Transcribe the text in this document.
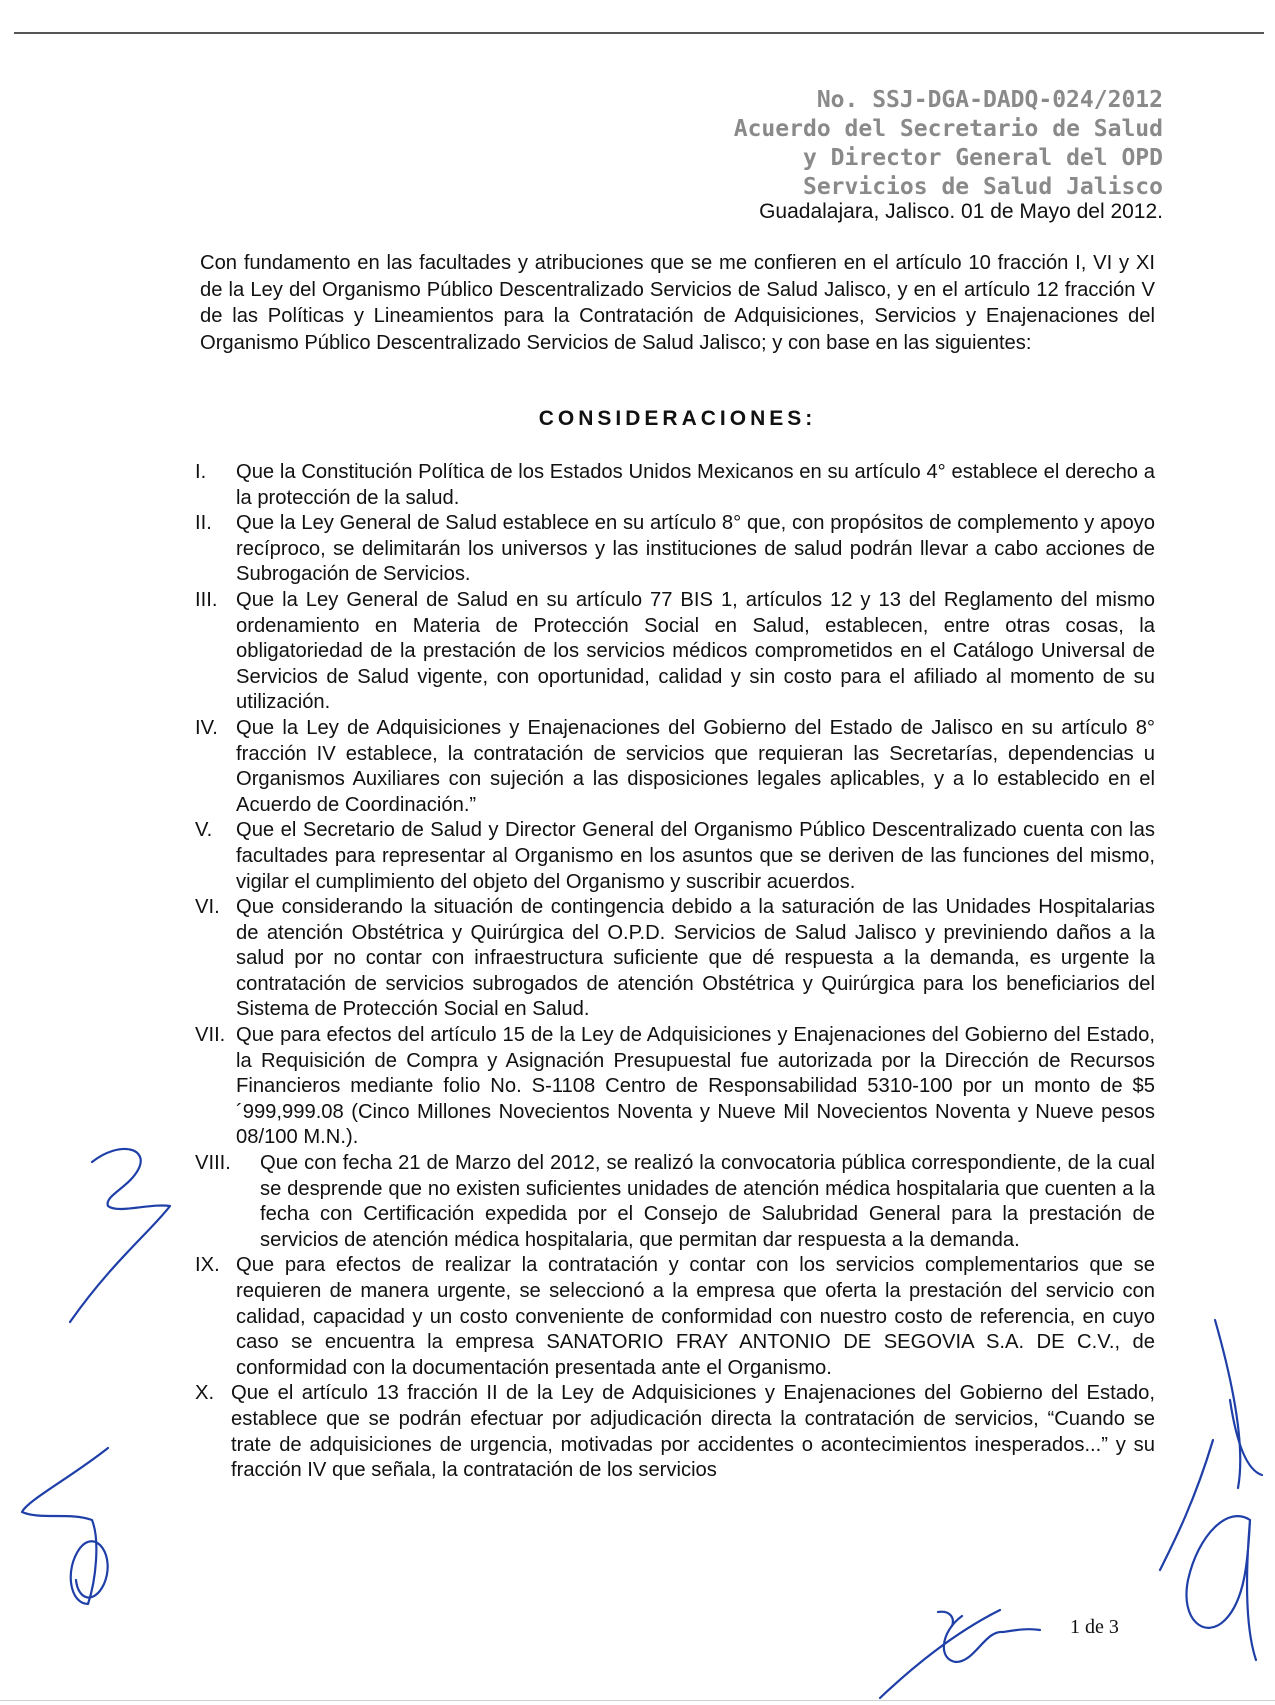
No. SSJ-DGA-DADQ-024/2012
Acuerdo del Secretario de Salud
y Director General del OPD
Servicios de Salud Jalisco
Guadalajara, Jalisco. 01 de Mayo del 2012.

Con fundamento en las facultades y atribuciones que se me confieren en el artículo 10 fracción I, VI y XI de la Ley del Organismo Público Descentralizado Servicios de Salud Jalisco, y en el artículo 12 fracción V de las Políticas y Lineamientos para la Contratación de Adquisiciones, Servicios y Enajenaciones del Organismo Público Descentralizado Servicios de Salud Jalisco; y con base en las siguientes:

CONSIDERACIONES:

I.	Que la Constitución Política de los Estados Unidos Mexicanos en su artículo 4° establece el derecho a la protección de la salud.
II.	Que la Ley General de Salud establece en su artículo 8° que, con propósitos de complemento y apoyo recíproco, se delimitarán los universos y las instituciones de salud podrán llevar a cabo acciones de Subrogación de Servicios.
III. Que la Ley General de Salud en su artículo 77 BIS 1, artículos 12 y 13 del Reglamento del mismo ordenamiento en Materia de Protección Social en Salud, establecen, entre otras cosas, la obligatoriedad de la prestación de los servicios médicos comprometidos en el Catálogo Universal de Servicios de Salud vigente, con oportunidad, calidad y sin costo para el afiliado al momento de su utilización.
IV. Que la Ley de Adquisiciones y Enajenaciones del Gobierno del Estado de Jalisco en su artículo 8° fracción IV establece, la contratación de servicios que requieran las Secretarías, dependencias u Organismos Auxiliares con sujeción a las disposiciones legales aplicables, y a lo establecido en el Acuerdo de Coordinación.”
V.	Que el Secretario de Salud y Director General del Organismo Público Descentralizado cuenta con las facultades para representar al Organismo en los asuntos que se deriven de las funciones del mismo, vigilar el cumplimiento del objeto del Organismo y suscribir acuerdos.
VI. Que considerando la situación de contingencia debido a la saturación de las Unidades Hospitalarias de atención Obstétrica y Quirúrgica del O.P.D. Servicios de Salud Jalisco y previniendo daños a la salud por no contar con infraestructura suficiente que dé respuesta a la demanda, es urgente la contratación de servicios subrogados de atención Obstétrica y Quirúrgica para los beneficiarios del Sistema de Protección Social en Salud.
VII. Que para efectos del artículo 15 de la Ley de Adquisiciones y Enajenaciones del Gobierno del Estado, la Requisición de Compra y Asignación Presupuestal fue autorizada por la Dirección de Recursos Financieros mediante folio No. S-1108 Centro de Responsabilidad 5310-100 por un monto de $5´999,999.08 (Cinco Millones Novecientos Noventa y Nueve Mil Novecientos Noventa y Nueve pesos 08/100 M.N.).
VIII.	Que con fecha 21 de Marzo del 2012, se realizó la convocatoria pública correspondiente, de la cual se desprende que no existen suficientes unidades de atención médica hospitalaria que cuenten a la fecha con Certificación expedida por el Consejo de Salubridad General para la prestación de servicios de atención médica hospitalaria, que permitan dar respuesta a la demanda.
IX. Que para efectos de realizar la contratación y contar con los servicios complementarios que se requieren de manera urgente, se seleccionó a la empresa que oferta la prestación del servicio con calidad, capacidad y un costo conveniente de conformidad con nuestro costo de referencia, en cuyo caso se encuentra la empresa SANATORIO FRAY ANTONIO DE SEGOVIA S.A. DE C.V., de conformidad con la documentación presentada ante el Organismo.
X. Que el artículo 13 fracción II de la Ley de Adquisiciones y Enajenaciones del Gobierno del Estado, establece que se podrán efectuar por adjudicación directa la contratación de servicios, “Cuando se trate de adquisiciones de urgencia, motivadas por accidentes o acontecimientos inesperados...” y su fracción IV que señala, la contratación de los servicios
1 de 3
